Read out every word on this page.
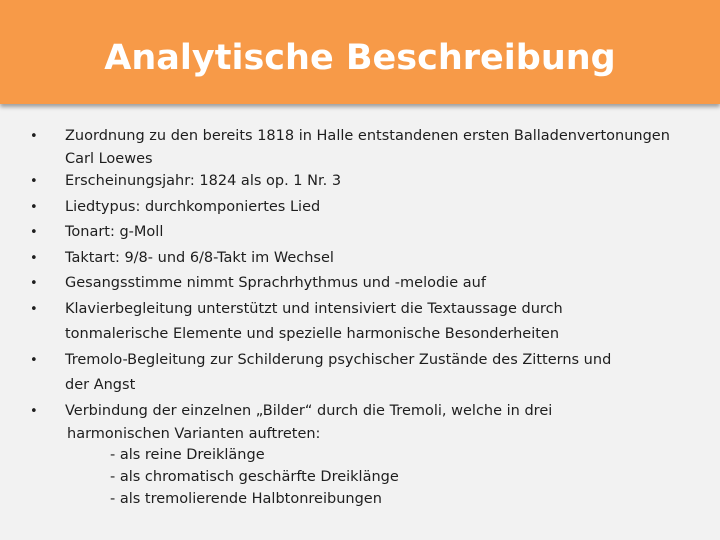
Analytische Beschreibung
• Zuordnung zu den bereits 1818 in Halle entstandenen ersten Balladenvertonungen
Carl Loewes
• Erscheinungsjahr: 1824 als op. 1 Nr. 3
• Liedtypus: durchkomponiertes Lied
• Tonart: g-Moll
• Taktart: 9/8- und 6/8-Takt im Wechsel
• Gesangsstimme nimmt Sprachrhythmus und -melodie auf
• Klavierbegleitung unterstützt und intensiviert die Textaussage durch
tonmalerische Elemente und spezielle harmonische Besonderheiten
• Tremolo-Begleitung zur Schilderung psychischer Zustände des Zitterns und
der Angst
• Verbindung der einzelnen „Bilder“ durch die Tremoli, welche in drei
harmonischen Varianten auftreten:
- als reine Dreiklänge
- als chromatisch geschärfte Dreiklänge
- als tremolierende Halbtonreibungen
